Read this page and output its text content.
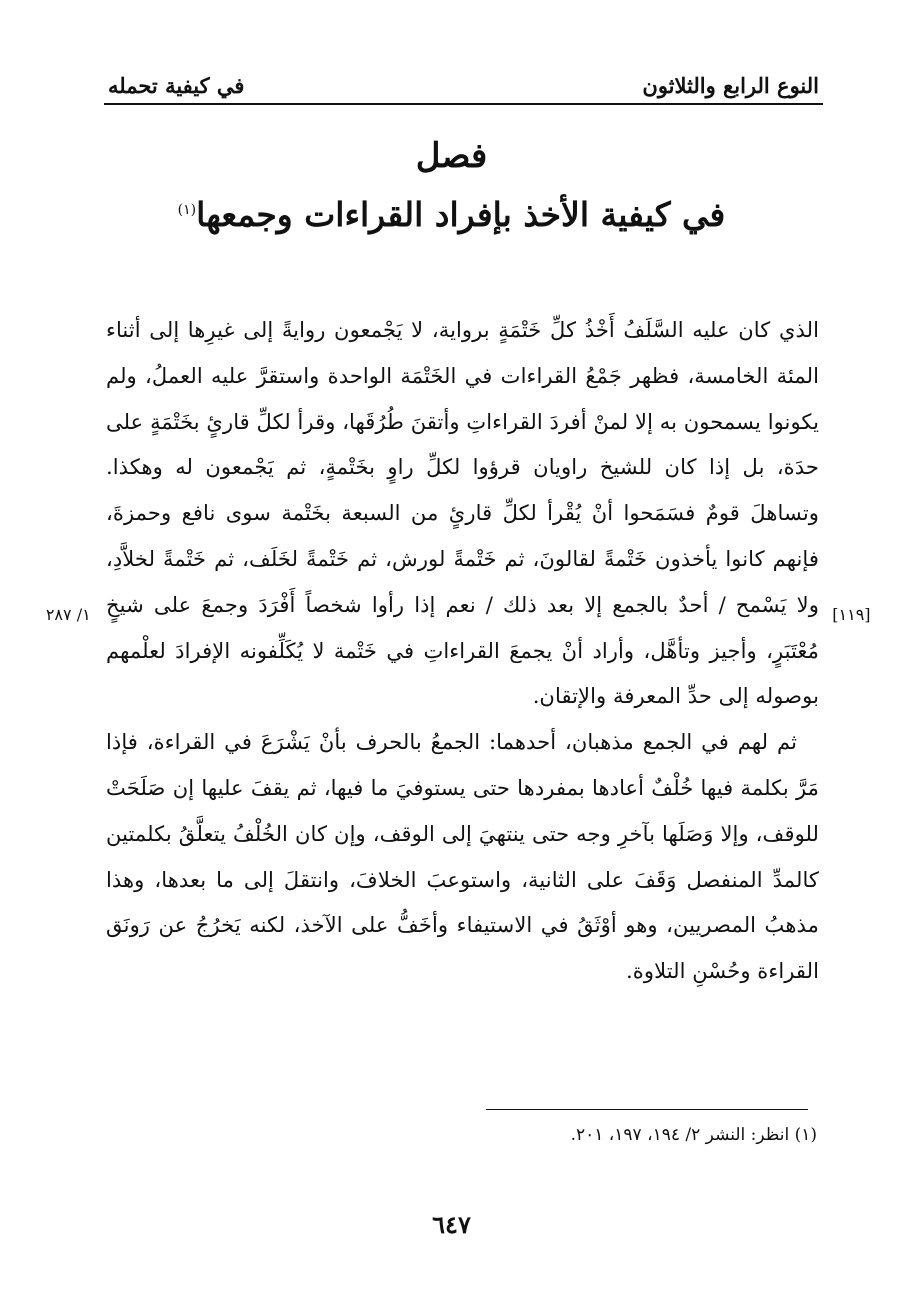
النوع الرابع والثلاثون
في كيفية تحمله
فصل
في كيفية الأخذ بإفراد القراءات وجمعها$^{(١)}$

الذي كان عليه السَّلَفُ أَخْذُ كلِّ خَتْمَةٍ برواية، لا يَجْمعون روايةً إلى غيرِها إلى أثناء المئة الخامسة، فظهر جَمْعُ القراءات في الخَتْمَة الواحدة واستقرَّ عليه العملُ، ولم يكونوا يسمحون به إلا لمنْ أفردَ القراءاتِ وأتقنَ طُرُقَها، وقرأ لكلِّ قارئٍ بخَتْمَةٍ على حدَة، بل إذا كان للشيخ راويان قرؤوا لكلِّ راوٍ بخَتْمةٍ، ثم يَجْمعون له وهكذا. وتساهلَ قومٌ فسَمَحوا أنْ يُقْرأ لكلِّ قارئٍ من السبعة بخَتْمة سوى نافع وحمزةَ، فإنهم كانوا يأخذون خَتْمةً لقالونَ، ثم خَتْمةً لورش، ثم خَتْمةً لخَلَف، ثم خَتْمةً لخلاَّدِ، ولا [١١٩]
يَسْمح / أحدٌ بالجمع إلا بعد ذلك / نعم إذا رأوا شخصاً أَفْرَدَ وجمعَ على
١/ ٢٨٧ شيخٍ مُعْتَبَرٍ، وأجيز وتأهَّل، وأراد أنْ يجمعَ القراءاتِ في خَتْمة لا يُكَلِّفونه الإفرادَ لعلْمهم بوصوله إلى حدِّ المعرفة والإتقان.

ثم لهم في الجمع مذهبان، أحدهما: الجمعُ بالحرف بأنْ يَشْرَعَ في القراءة، فإذا مَرَّ بكلمة فيها خُلْفٌ أعادها بمفردها حتى يستوفيَ ما فيها، ثم يقفَ عليها إن صَلَحَتْ للوقف، وإلا وَصَلَها بآخرِ وجه حتى ينتهيَ إلى الوقف، وإن كان الخُلْفُ يتعلَّقُ بكلمتين كالمدِّ المنفصل وَقَفَ على الثانية، واستوعبَ الخلافَ، وانتقلَ إلى ما بعدها، وهذا مذهبُ المصريين، وهو أوْثَقُ في الاستيفاء وأخَفُّ على الآخذ، لكنه يَخرُجُ عن رَونَق القراءة وحُسْنِ التلاوة.

(١) انظر: النشر ٢/ ١٩٤، ١٩٧، ٢٠١.
٦٤٧
